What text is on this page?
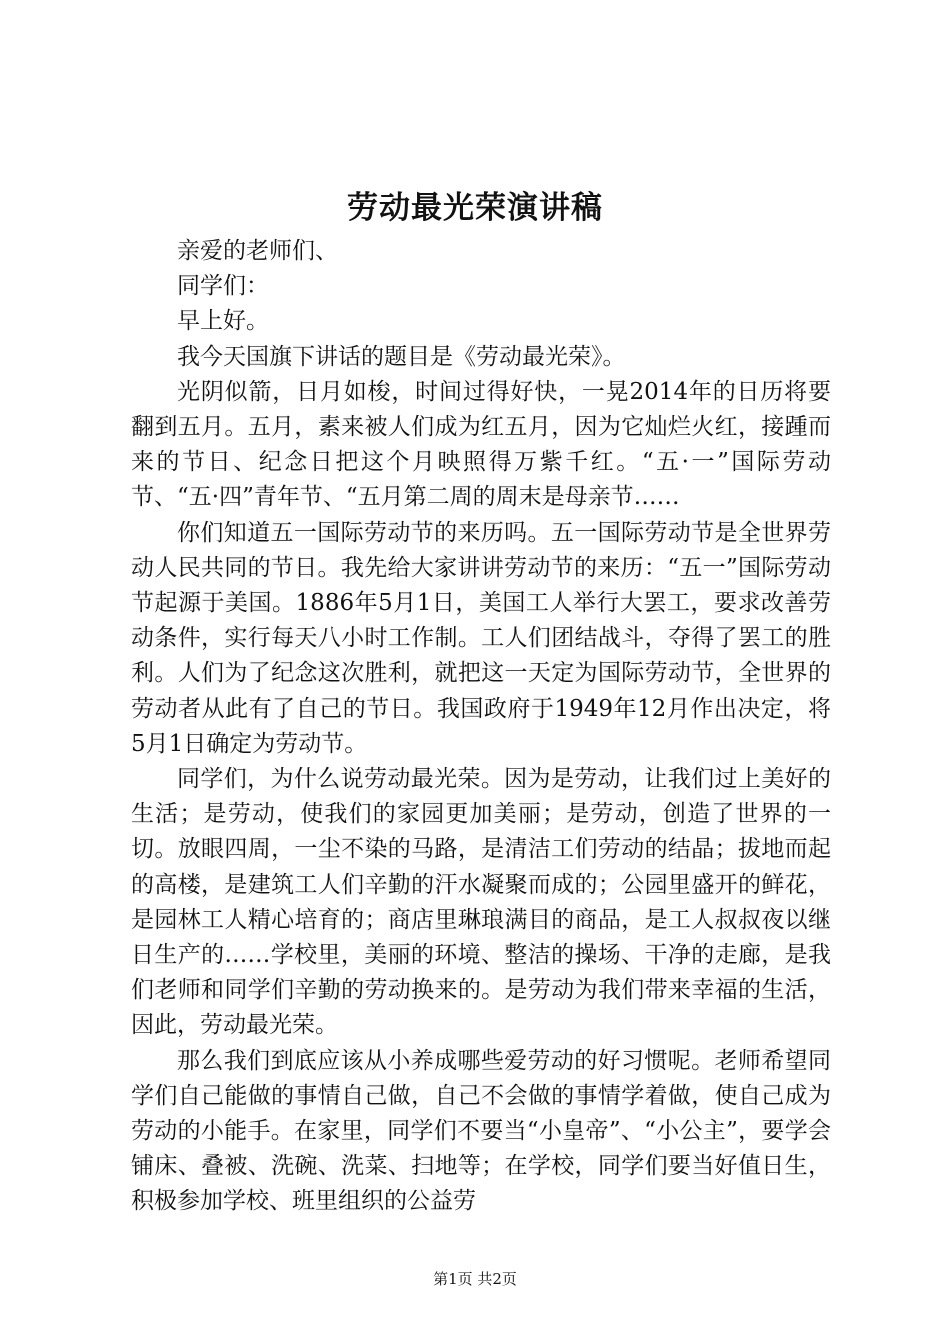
劳动最光荣演讲稿

亲爱的老师们、

同学们：

早上好。

我今天国旗下讲话的题目是《劳动最光荣》。

光阴似箭，日月如梭，时间过得好快，一晃2014年的日历将要翻到五月。五月，素来被人们成为红五月，因为它灿烂火红，接踵而来的节日、纪念日把这个月映照得万紫千红。“五·一”国际劳动节、“五·四”青年节、“五月第二周的周末是母亲节……

你们知道五一国际劳动节的来历吗。五一国际劳动节是全世界劳动人民共同的节日。我先给大家讲讲劳动节的来历：“五一”国际劳动节起源于美国。1886年5月1日，美国工人举行大罢工，要求改善劳动条件，实行每天八小时工作制。工人们团结战斗，夺得了罢工的胜利。人们为了纪念这次胜利，就把这一天定为国际劳动节，全世界的劳动者从此有了自己的节日。我国政府于1949年12月作出决定，将5月1日确定为劳动节。

同学们，为什么说劳动最光荣。因为是劳动，让我们过上美好的生活；是劳动，使我们的家园更加美丽；是劳动，创造了世界的一切。放眼四周，一尘不染的马路，是清洁工们劳动的结晶；拔地而起的高楼，是建筑工人们辛勤的汗水凝聚而成的；公园里盛开的鲜花，是园林工人精心培育的；商店里琳琅满目的商品，是工人叔叔夜以继日生产的……学校里，美丽的环境、整洁的操场、干净的走廊，是我们老师和同学们辛勤的劳动换来的。是劳动为我们带来幸福的生活，因此，劳动最光荣。

那么我们到底应该从小养成哪些爱劳动的好习惯呢。老师希望同学们自己能做的事情自己做，自己不会做的事情学着做，使自己成为劳动的小能手。在家里，同学们不要当“小皇帝”、“小公主”，要学会铺床、叠被、洗碗、洗菜、扫地等；在学校，同学们要当好值日生，积极参加学校、班里组织的公益劳

第1页 共2页
